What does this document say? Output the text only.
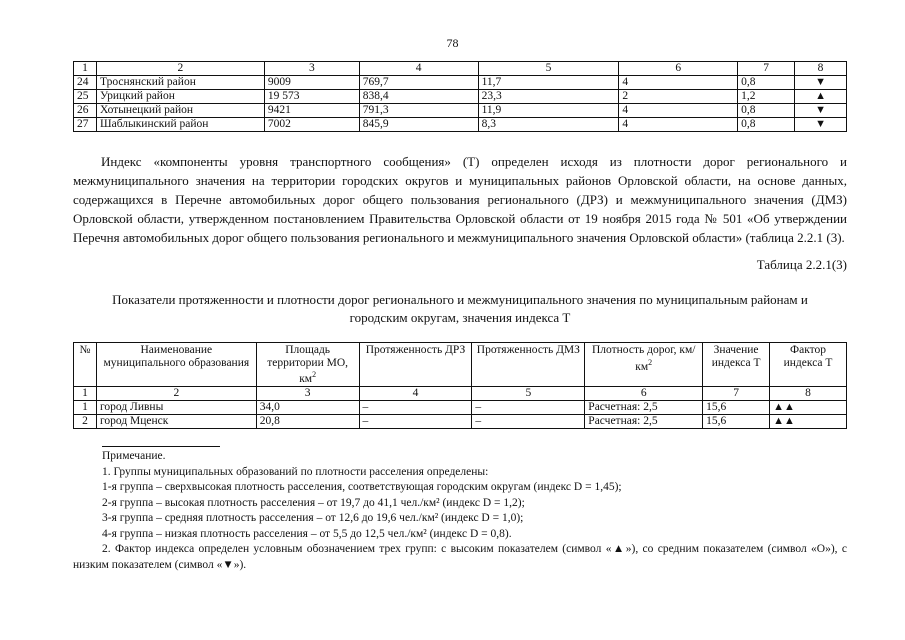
78
1	2	3	4	5	6	7	8
24	Троснянский район	9009	769,7	11,7	4	0,8	▼
25	Урицкий район	19 573	838,4	23,3	2	1,2	▲
26	Хотынецкий район	9421	791,3	11,9	4	0,8	▼
27	Шаблыкинский район	7002	845,9	8,3	4	0,8	▼
Индекс «компоненты уровня транспортного сообщения» (Т) определен исходя из плотности дорог регионального и межмуниципального значения на территории городских округов и муниципальных районов Орловской области, на основе данных, содержащихся в Перечне автомобильных дорог общего пользования регионального (ДРЗ) и межмуниципального значения (ДМЗ) Орловской области, утвержденном постановлением Правительства Орловской области от 19 ноября 2015 года № 501 «Об утверждении Перечня автомобильных дорог общего пользования регионального и межмуниципального значения Орловской области» (таблица 2.2.1 (3).
Таблица 2.2.1(3)
Показатели протяженности и плотности дорог регионального и межмуниципального значения по муниципальным районам и городским округам, значения индекса Т
№	Наименование муниципального образования	Площадь территории МО, $км^2$	Протяженность ДРЗ	Протяженность ДМЗ	Плотность дорог, $км/км^2$	Значение индекса Т	Фактор индекса Т
1	2	3	4	5	6	7	8
1	город Ливны	34,0	–	–	Расчетная: 2,5	15,6	▲▲
2	город Мценск	20,8	–	–	Расчетная: 2,5	15,6	▲▲
Примечание.
1. Группы муниципальных образований по плотности расселения определены:
1-я группа – сверхвысокая плотность расселения, соответствующая городским округам (индекс D = 1,45);
2-я группа – высокая плотность расселения – от 19,7 до 41,1 чел./км² (индекс D = 1,2);
3-я группа – средняя плотность расселения – от 12,6 до 19,6 чел./км² (индекс D = 1,0);
4-я группа – низкая плотность расселения – от 5,5 до 12,5 чел./км² (индекс D = 0,8).
2. Фактор индекса определен условным обозначением трех групп: с высоким показателем (символ «▲»), со средним показателем (символ «О»), с низким показателем (символ «▼»).
